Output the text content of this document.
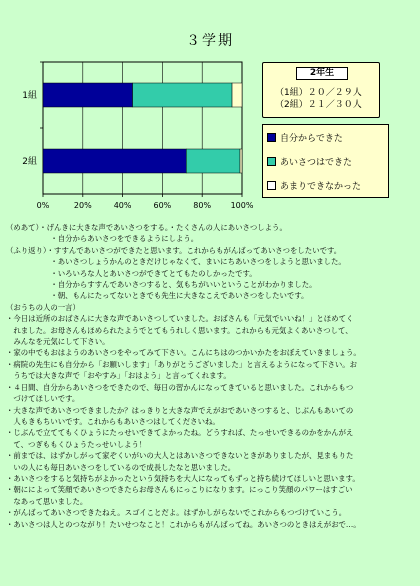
３学期
0%	20%	40%	60%	80% 100%
1組
2組
2年生
（1組）２０／２９人
（2組）２１／３０人
自分からできた
あいさつはできた
あまりできなかった
（めあて）・げんきに大きな声であいさつをする。・たくさんの人にあいさつしよう。
　　　　　　・自分からあいさつをできるようにしよう。
（ふり返り）・すすんであいさつができたと思います。これからもがんばってあいさつをしたいです。
　　　　　　・あいさつしょうかんのときだけじゃなくて、まいにちあいさつをしようと思いました。
　　　　　　・いろいろな人とあいさつができてとてもたのしかったです。
　　　　　　・自分からすすんであいさつすると、気もちがいいということがわかりました。
　　　　　　・朝、もんにたってないときでも先生に大きなこえであいさつをしたいです。
（おうちの人の一言）
・今日は近所のおばさんに大きな声であいさつしていました。おばさんも「元気でいいね！」とほめてく
　れました。お母さんもほめられたようでとてもうれしく思います。これからも元気よくあいさつして、
　みんなを元気にして下さい。
・家の中でもおはようのあいさつをやってみて下さい。こんにちはのつかいかたをおぼえていきましょう。
・病院の先生にも自分から「お願いします」「ありがとうございました」と言えるようになって下さい。お
　うちでは大きな声で「おやすみ」「おはよう」と言ってくれます。
・４日間、自分からあいさつをできたので、毎日の習かんになってきていると思いました。これからもつ
　づけてほしいです。
・大きな声であいさつできましたか？はっきりと大きな声でえがおであいさつすると、じぶんもあいての
　人もきもちいいです。これからもあいさつはしてくださいね。
・じぶんで立ててもくひょうにたっせいできてよかったね。どうすれば、たっせいできるのかをかんがえ
　て、つぎももくひょうたっせいしよう！
・前までは、はずかしがって家ぞくいがいの大人とはあいさつできないときがありましたが、見まもりた
　いの人にも毎日あいさつをしているので成長したなと思いました。
・あいさつをすると気持ちがよかったという気持ちを大人になってもずっと持ち続けてほしいと思います。
・朝にによって笑顔であいさつできたらお母さんもにっこりになります。にっこり笑顔のパワーはすごい
　なあって思いました。
・がんばってあいさつできたねえ。スゴイことだよ。はずかしがらないでこれからもつづけていこう。
・あいさつは人とのつながり！たいせつなこと！これからもがんばってね。あいさつのときはえがおで…。
